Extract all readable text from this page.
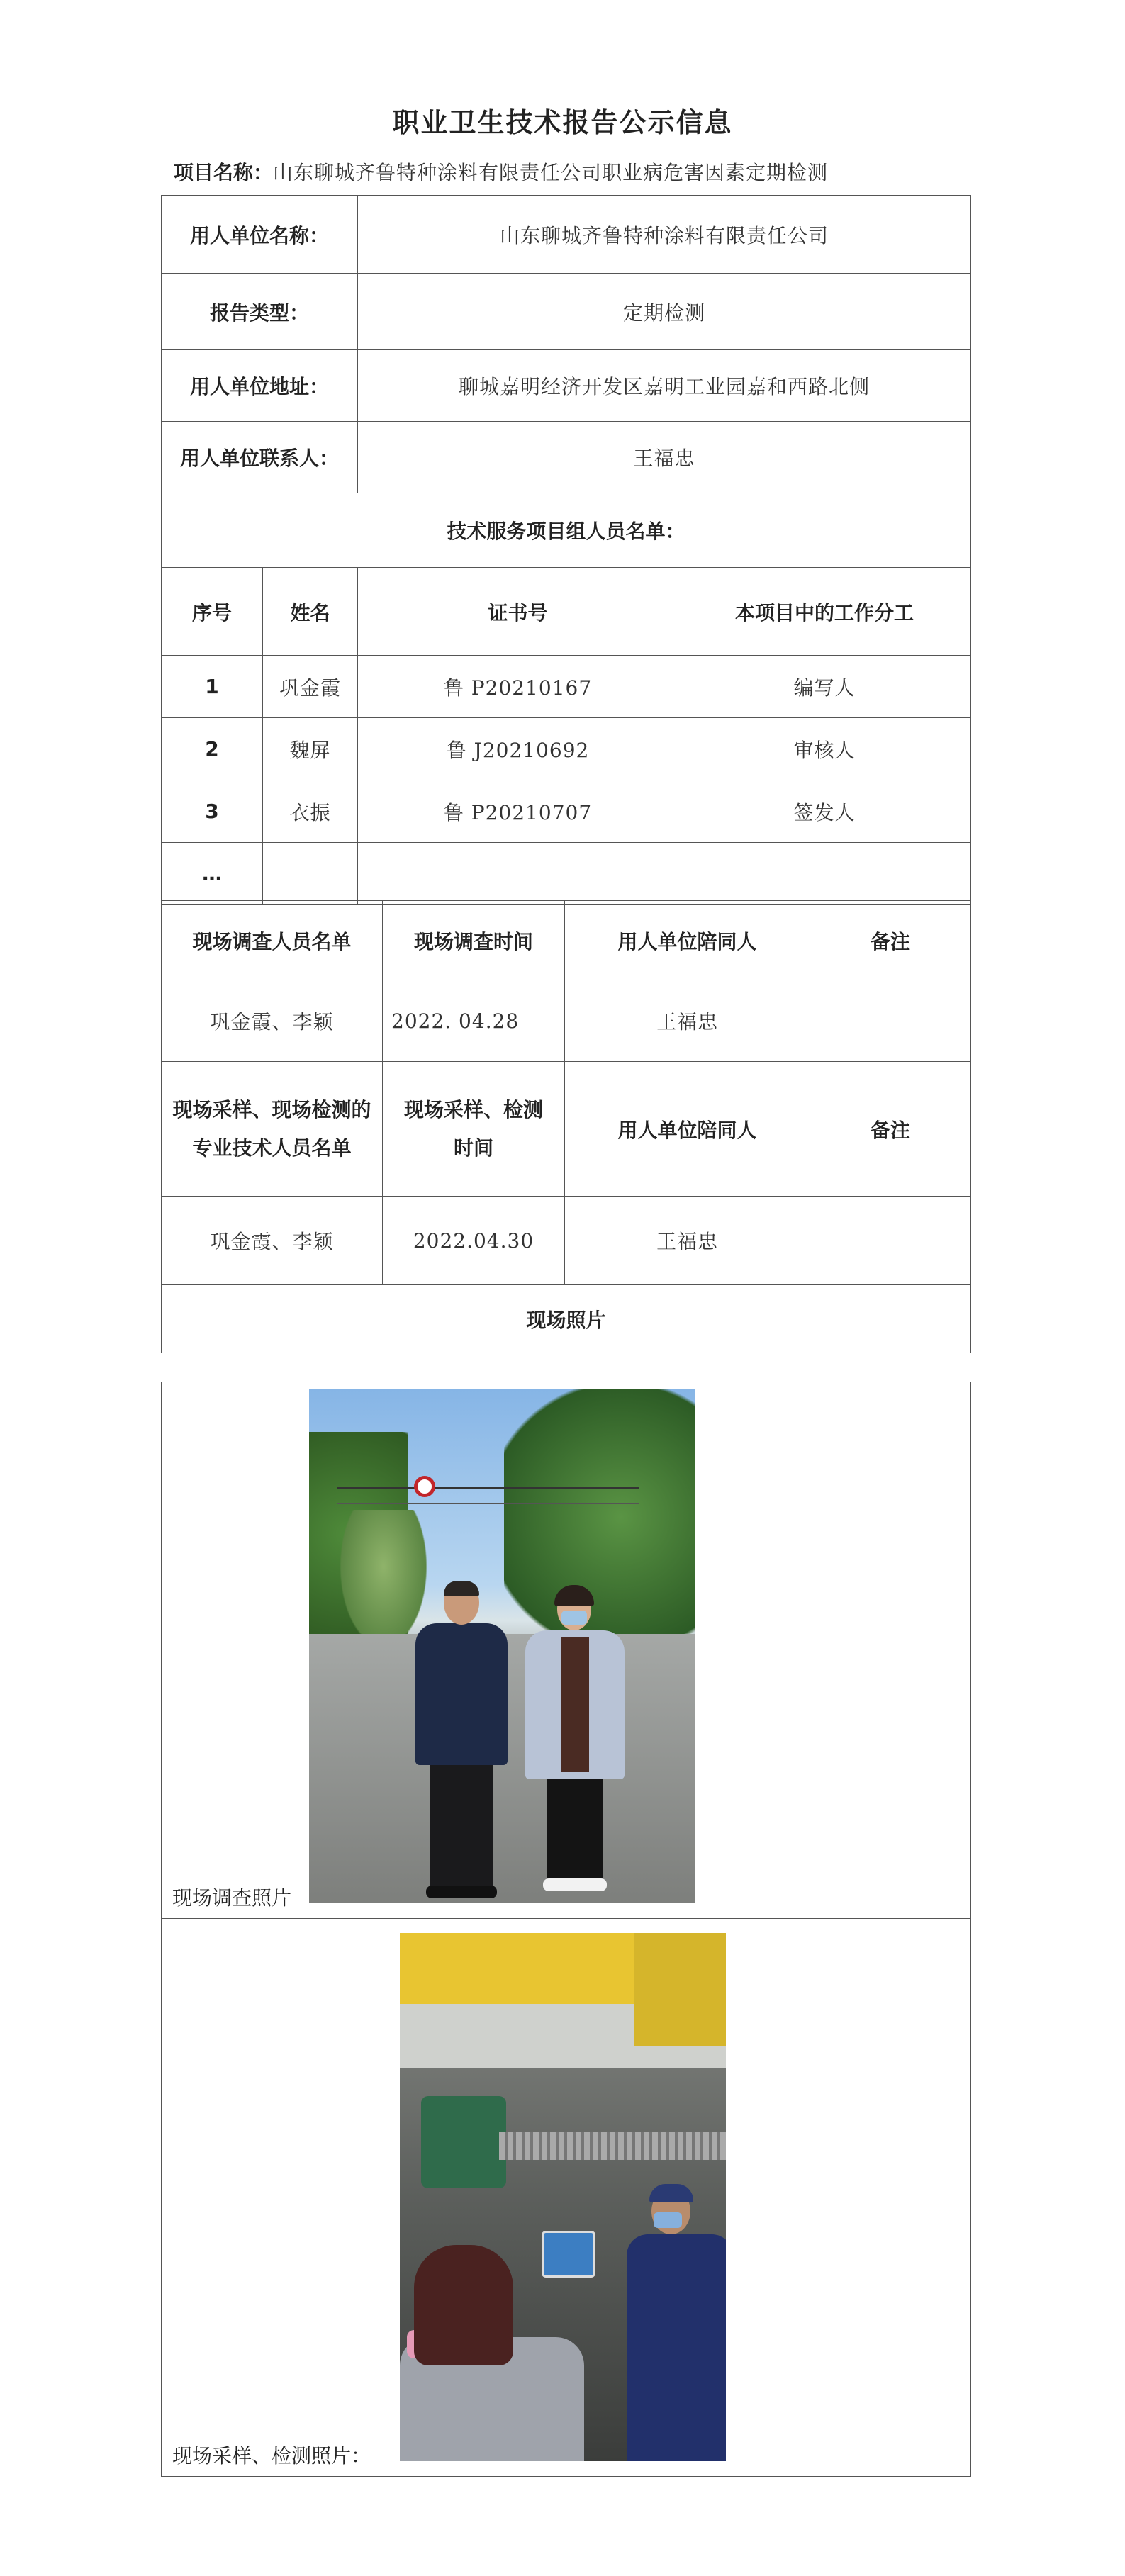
职业卫生技术报告公示信息
项目名称：山东聊城齐鲁特种涂料有限责任公司职业病危害因素定期检测
用人单位名称：		山东聊城齐鲁特种涂料有限责任公司	
报告类型：		定期检测	
用人单位地址：		聊城嘉明经济开发区嘉明工业园嘉和西路北侧	
用人单位联系人：		王福忠	
技术服务项目组人员名单：			
序号	姓名	证书号	本项目中的工作分工
1	巩金霞	鲁 P20210167	编写人
2	魏屏	鲁 J20210692	审核人
3	衣振	鲁 P20210707	签发人
…			
现场调查人员名单	现场调查时间	用人单位陪同人	备注
巩金霞、李颖	2022. 04.28	王福忠	
现场采样、现场检测的专业技术人员名单	现场采样、检测时间	用人单位陪同人	备注
巩金霞、李颖	2022.04.30	王福忠	
现场照片			
现场调查照片

现场采样、检测照片：
